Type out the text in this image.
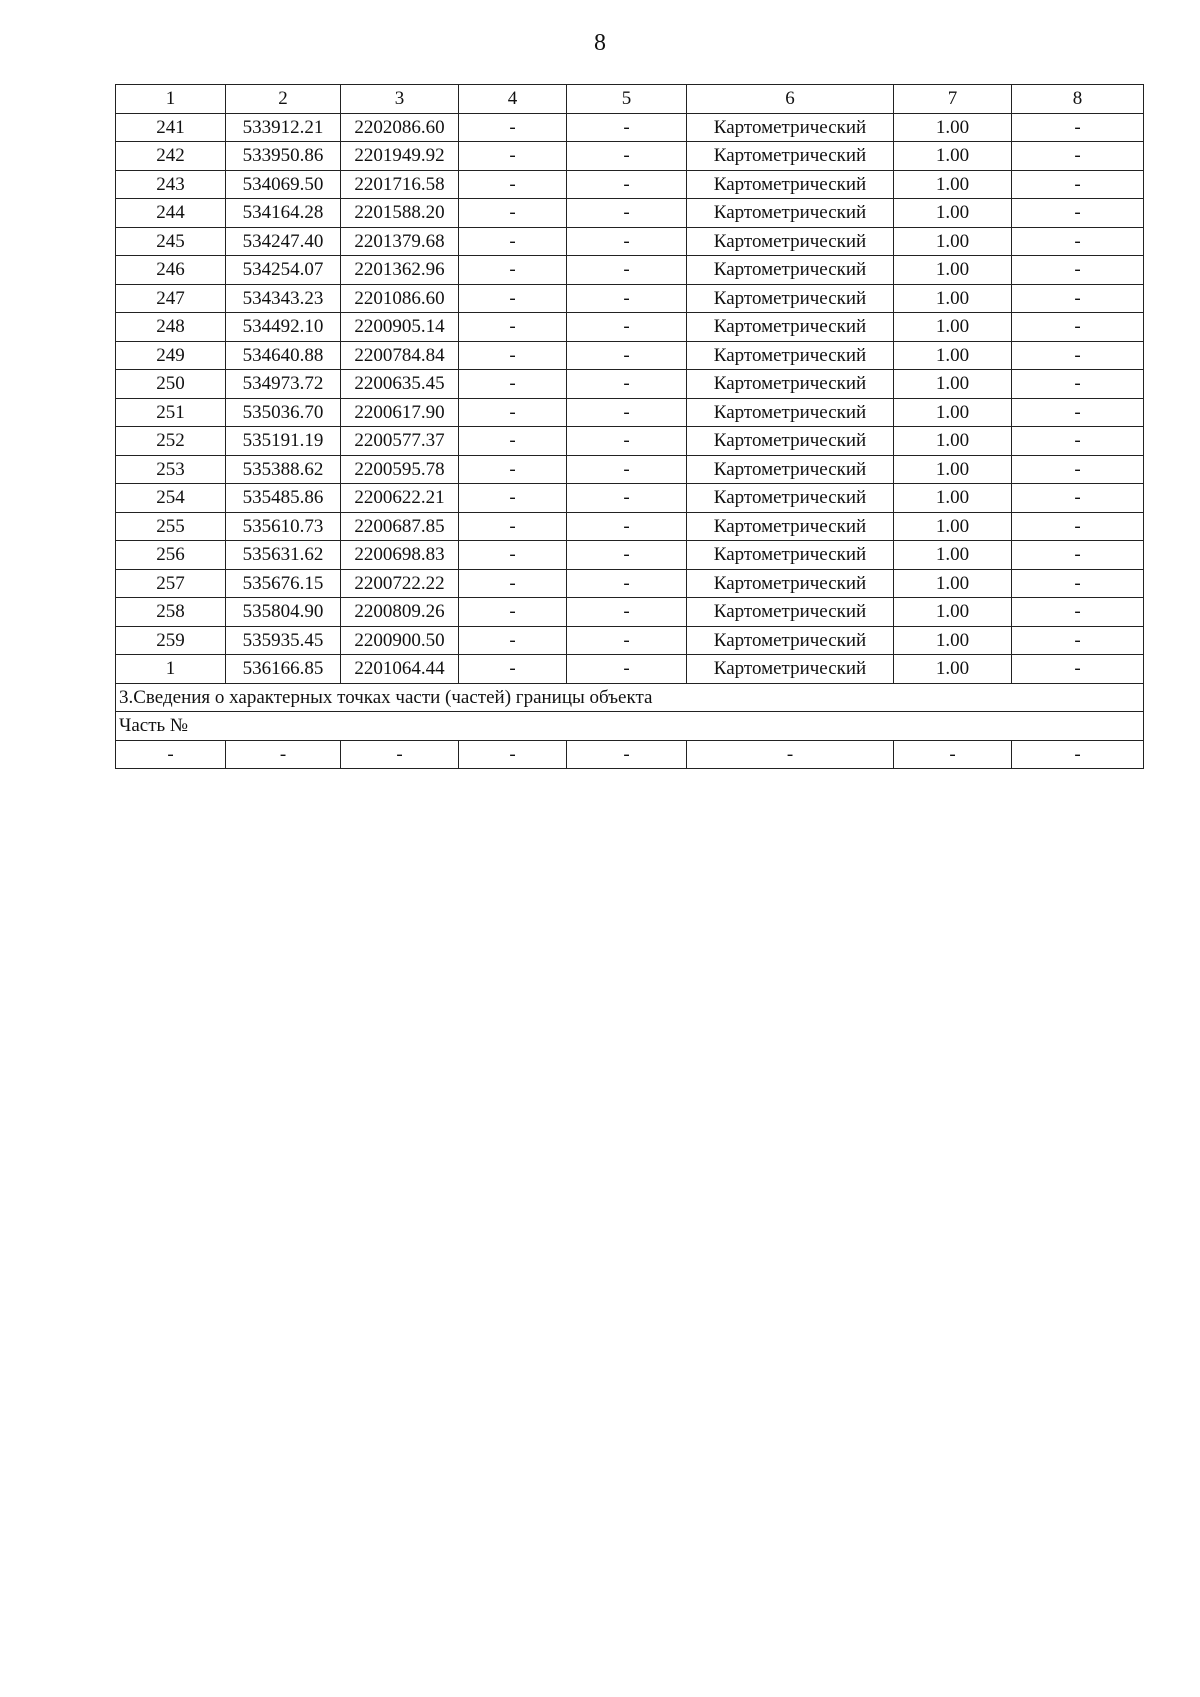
8
1	2	3	4	5	6	7	8
241	533912.21	2202086.60	-	-	Картометрический	1.00	-
242	533950.86	2201949.92	-	-	Картометрический	1.00	-
243	534069.50	2201716.58	-	-	Картометрический	1.00	-
244	534164.28	2201588.20	-	-	Картометрический	1.00	-
245	534247.40	2201379.68	-	-	Картометрический	1.00	-
246	534254.07	2201362.96	-	-	Картометрический	1.00	-
247	534343.23	2201086.60	-	-	Картометрический	1.00	-
248	534492.10	2200905.14	-	-	Картометрический	1.00	-
249	534640.88	2200784.84	-	-	Картометрический	1.00	-
250	534973.72	2200635.45	-	-	Картометрический	1.00	-
251	535036.70	2200617.90	-	-	Картометрический	1.00	-
252	535191.19	2200577.37	-	-	Картометрический	1.00	-
253	535388.62	2200595.78	-	-	Картометрический	1.00	-
254	535485.86	2200622.21	-	-	Картометрический	1.00	-
255	535610.73	2200687.85	-	-	Картометрический	1.00	-
256	535631.62	2200698.83	-	-	Картометрический	1.00	-
257	535676.15	2200722.22	-	-	Картометрический	1.00	-
258	535804.90	2200809.26	-	-	Картометрический	1.00	-
259	535935.45	2200900.50	-	-	Картометрический	1.00	-
1	536166.85	2201064.44	-	-	Картометрический	1.00	-
3.Сведения о характерных точках части (частей) границы объекта							
Часть №							
-	-	-	-	-	-	-	-
